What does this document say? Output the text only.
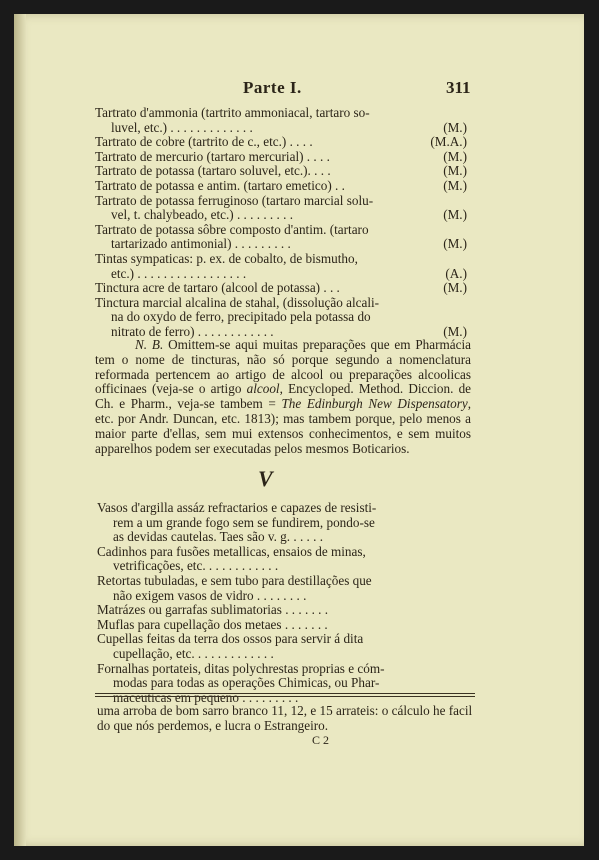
Parte I.	311
Tartrato d'ammonia (tartrito ammoniacal, tartaro so-
luvel, etc.) . . . . . . . . . . . . .	(M.)
Tartrato de cobre (tartrito de c., etc.) . . . .	(M.A.)
Tartrato de mercurio (tartaro mercurial) . . . .	(M.)
Tartrato de potassa (tartaro soluvel, etc.). . . .	(M.)
Tartrato de potassa e antim. (tartaro emetico) . .	(M.)
Tartrato de potassa ferruginoso (tartaro marcial solu-
vel, t. chalybeado, etc.) . . . . . . . . .	(M.)
Tartrato de potassa sôbre composto d'antim. (tartaro
tartarizado antimonial) . . . . . . . . .	(M.)
Tintas sympaticas: p. ex. de cobalto, de bismutho,
etc.) . . . . . . . . . . . . . . . . .	(A.)
Tinctura acre de tartaro (alcool de potassa) . . .	(M.)
Tinctura marcial alcalina de stahal, (dissolução alcali-
na do oxydo de ferro, precipitado pela potassa do
nitrato de ferro) . . . . . . . . . . . .	(M.)
N. B. Omittem-se aqui muitas preparações que em Pharmácia tem o nome de tincturas, não só porque segundo a nomenclatura reformada pertencem ao artigo de alcool ou preparações alcoolicas officinaes (veja-se o artigo alcool, Encycloped. Method. Diccion. de Ch. e Pharm., veja-se tambem = The Edinburgh New Dispensatory, etc. por Andr. Duncan, etc. 1813); mas tambem porque, pelo menos a maior parte d'ellas, sem mui extensos conhecimentos, e sem muitos apparelhos podem ser executadas pelos mesmos Boticarios.
V
Vasos d'argilla assáz refractarios e capazes de resisti-
rem a um grande fogo sem se fundirem, pondo-se
as devidas cautelas. Taes são v. g. . . . . .
Cadinhos para fusões metallicas, ensaios de minas,
vetrificações, etc. . . . . . . . . . . .
Retortas tubuladas, e sem tubo para destillações que
não exigem vasos de vidro . . . . . . . .
Matrázes ou garrafas sublimatorias . . . . . . .
Muflas para cupellação dos metaes . . . . . . .
Cupellas feitas da terra dos ossos para servir á dita
cupellação, etc. . . . . . . . . . . . .
Fornalhas portateis, ditas polychrestas proprias e cóm-
modas para todas as operações Chimicas, ou Phar-
maceuticas em pequeno . . . . . . . . .
uma arroba de bom sarro branco 11, 12, e 15 arrateis: o cálculo he facil do que nós perdemos, e lucra o Estrangeiro.
C 2
